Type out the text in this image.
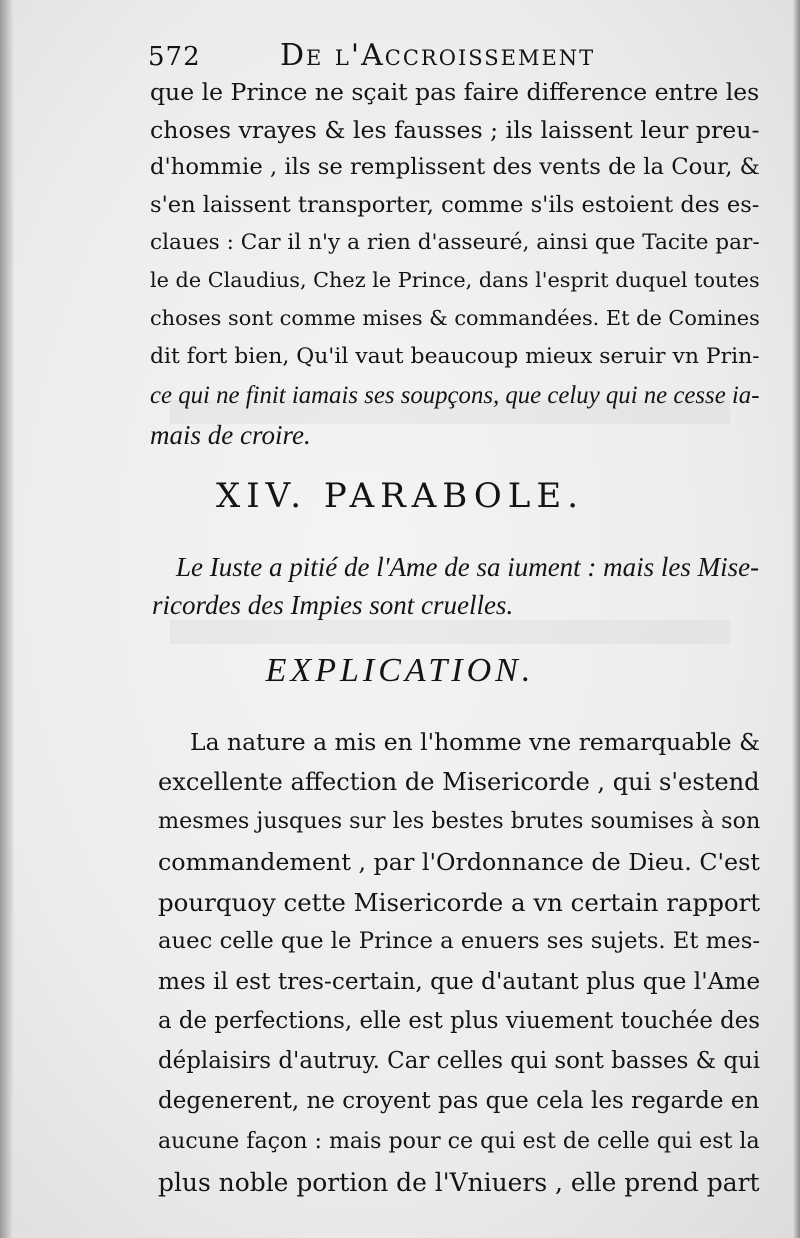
572	De l'Accroissement
que le Prince ne sçait pas faire difference entre les
choses vrayes & les fausses ; ils laissent leur preu-
d'hommie , ils se remplissent des vents de la Cour, &
s'en laissent transporter, comme s'ils estoient des es-
claues : Car il n'y a rien d'asseuré, ainsi que Tacite par-
le de Claudius, Chez le Prince, dans l'esprit duquel toutes
choses sont comme mises & commandées. Et de Comines
dit fort bien, Qu'il vaut beaucoup mieux seruir vn Prin-
ce qui ne finit iamais ses soupçons, que celuy qui ne cesse ia-
mais de croire.
XIV. PARABOLE.
Le Iuste a pitié de l'Ame de sa iument : mais les Mise-
ricordes des Impies sont cruelles.
EXPLICATION.
La nature a mis en l'homme vne remarquable &
excellente affection de Misericorde , qui s'estend
mesmes jusques sur les bestes brutes soumises à son
commandement , par l'Ordonnance de Dieu. C'est
pourquoy cette Misericorde a vn certain rapport
auec celle que le Prince a enuers ses sujets. Et mes-
mes il est tres-certain, que d'autant plus que l'Ame
a de perfections, elle est plus viuement touchée des
déplaisirs d'autruy. Car celles qui sont basses & qui
degenerent, ne croyent pas que cela les regarde en
aucune façon : mais pour ce qui est de celle qui est la
plus noble portion de l'Vniuers , elle prend part
